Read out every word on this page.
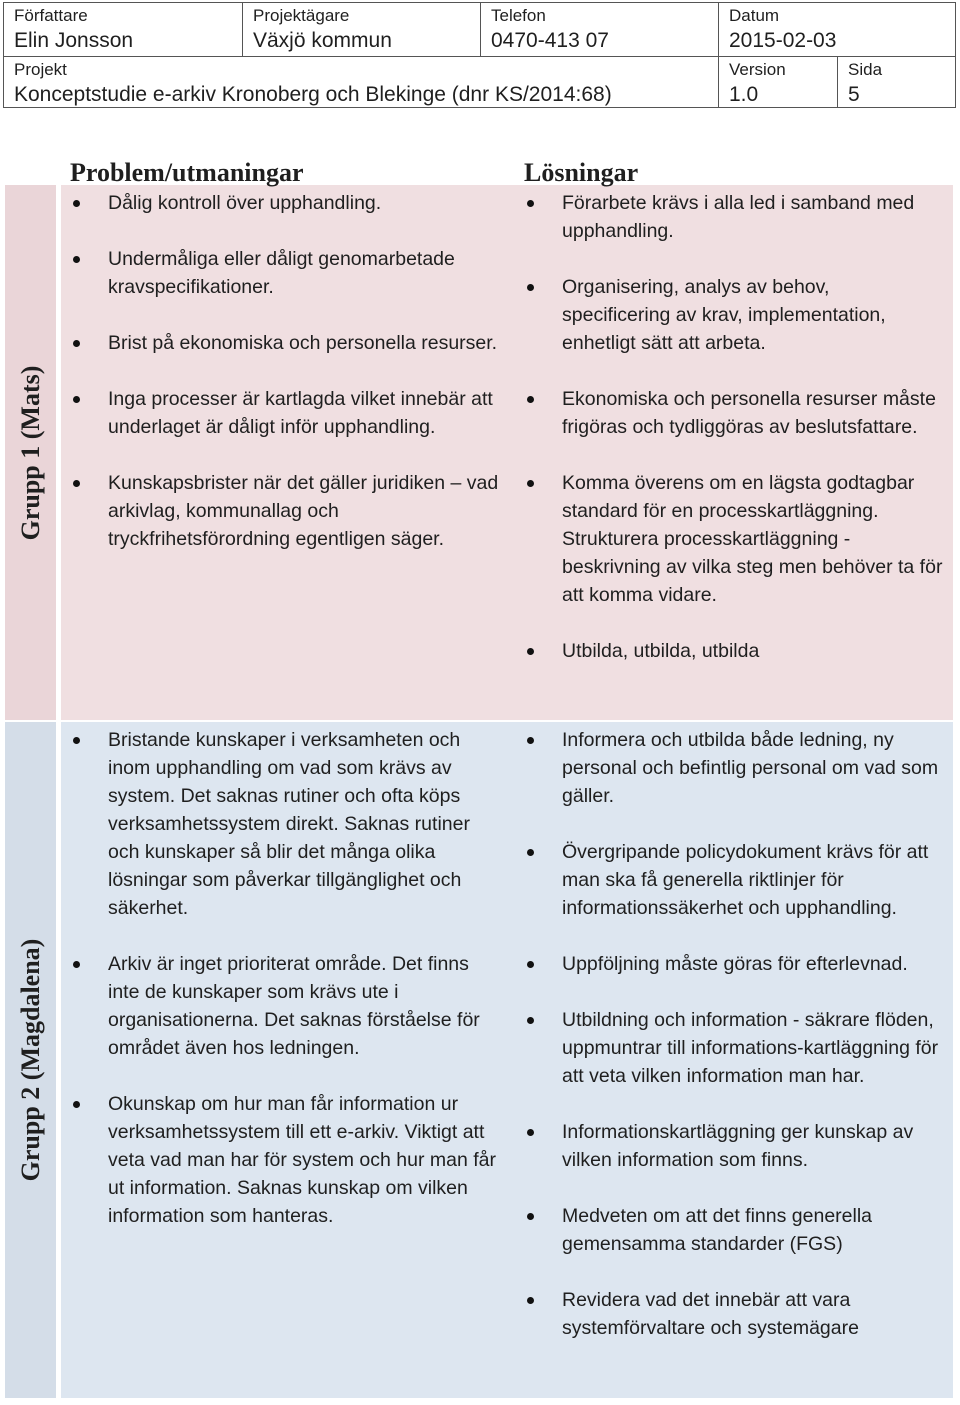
Författare
Elin Jonsson
Projektägare
Växjö kommun
Telefon
0470-413 07
Datum
2015-02-03
Projekt
Konceptstudie e-arkiv Kronoberg och Blekinge (dnr KS/2014:68)
Version
1.0
Sida
5
Grupp 1 (Mats)
Grupp 2 (Magdalena)
Problem/utmaningar	Lösningar
Dålig kontroll över upphandling.
Undermåliga eller dåligt genomarbetade kravspecifikationer.
Brist på ekonomiska och personella resurser.
Inga processer är kartlagda vilket innebär att underlaget är dåligt inför upphandling.
Kunskapsbrister när det gäller juridiken – vad arkivlag, kommunallag och tryckfrihetsförordning egentligen säger.
Förarbete krävs i alla led i samband med upphandling.
Organisering, analys av behov, specificering av krav, implementation, enhetligt sätt att arbeta.
Ekonomiska och personella resurser måste frigöras och tydliggöras av beslutsfattare.
Komma överens om en lägsta godtagbar standard för en processkartläggning. Strukturera processkartläggning - beskrivning av vilka steg men behöver ta för att komma vidare.
Utbilda, utbilda, utbilda
Bristande kunskaper i verksamheten och inom upphandling om vad som krävs av system. Det saknas rutiner och ofta köps verksamhetssystem direkt. Saknas rutiner och kunskaper så blir det många olika lösningar som påverkar tillgänglighet och säkerhet.
Arkiv är inget prioriterat område. Det finns inte de kunskaper som krävs ute i organisationerna. Det saknas förståelse för området även hos ledningen.
Okunskap om hur man får information ur verksamhetssystem till ett e-arkiv. Viktigt att veta vad man har för system och hur man får ut information. Saknas kunskap om vilken information som hanteras.
Informera och utbilda både ledning, ny personal och befintlig personal om vad som gäller.
Övergripande policydokument krävs för att man ska få generella riktlinjer för informationssäkerhet och upphandling.
Uppföljning måste göras för efterlevnad.
Utbildning och information - säkrare flöden, uppmuntrar till informations-kartläggning för att veta vilken information man har.
Informationskartläggning ger kunskap av vilken information som finns.
Medveten om att det finns generella gemensamma standarder (FGS)
Revidera vad det innebär att vara systemförvaltare och systemägare
